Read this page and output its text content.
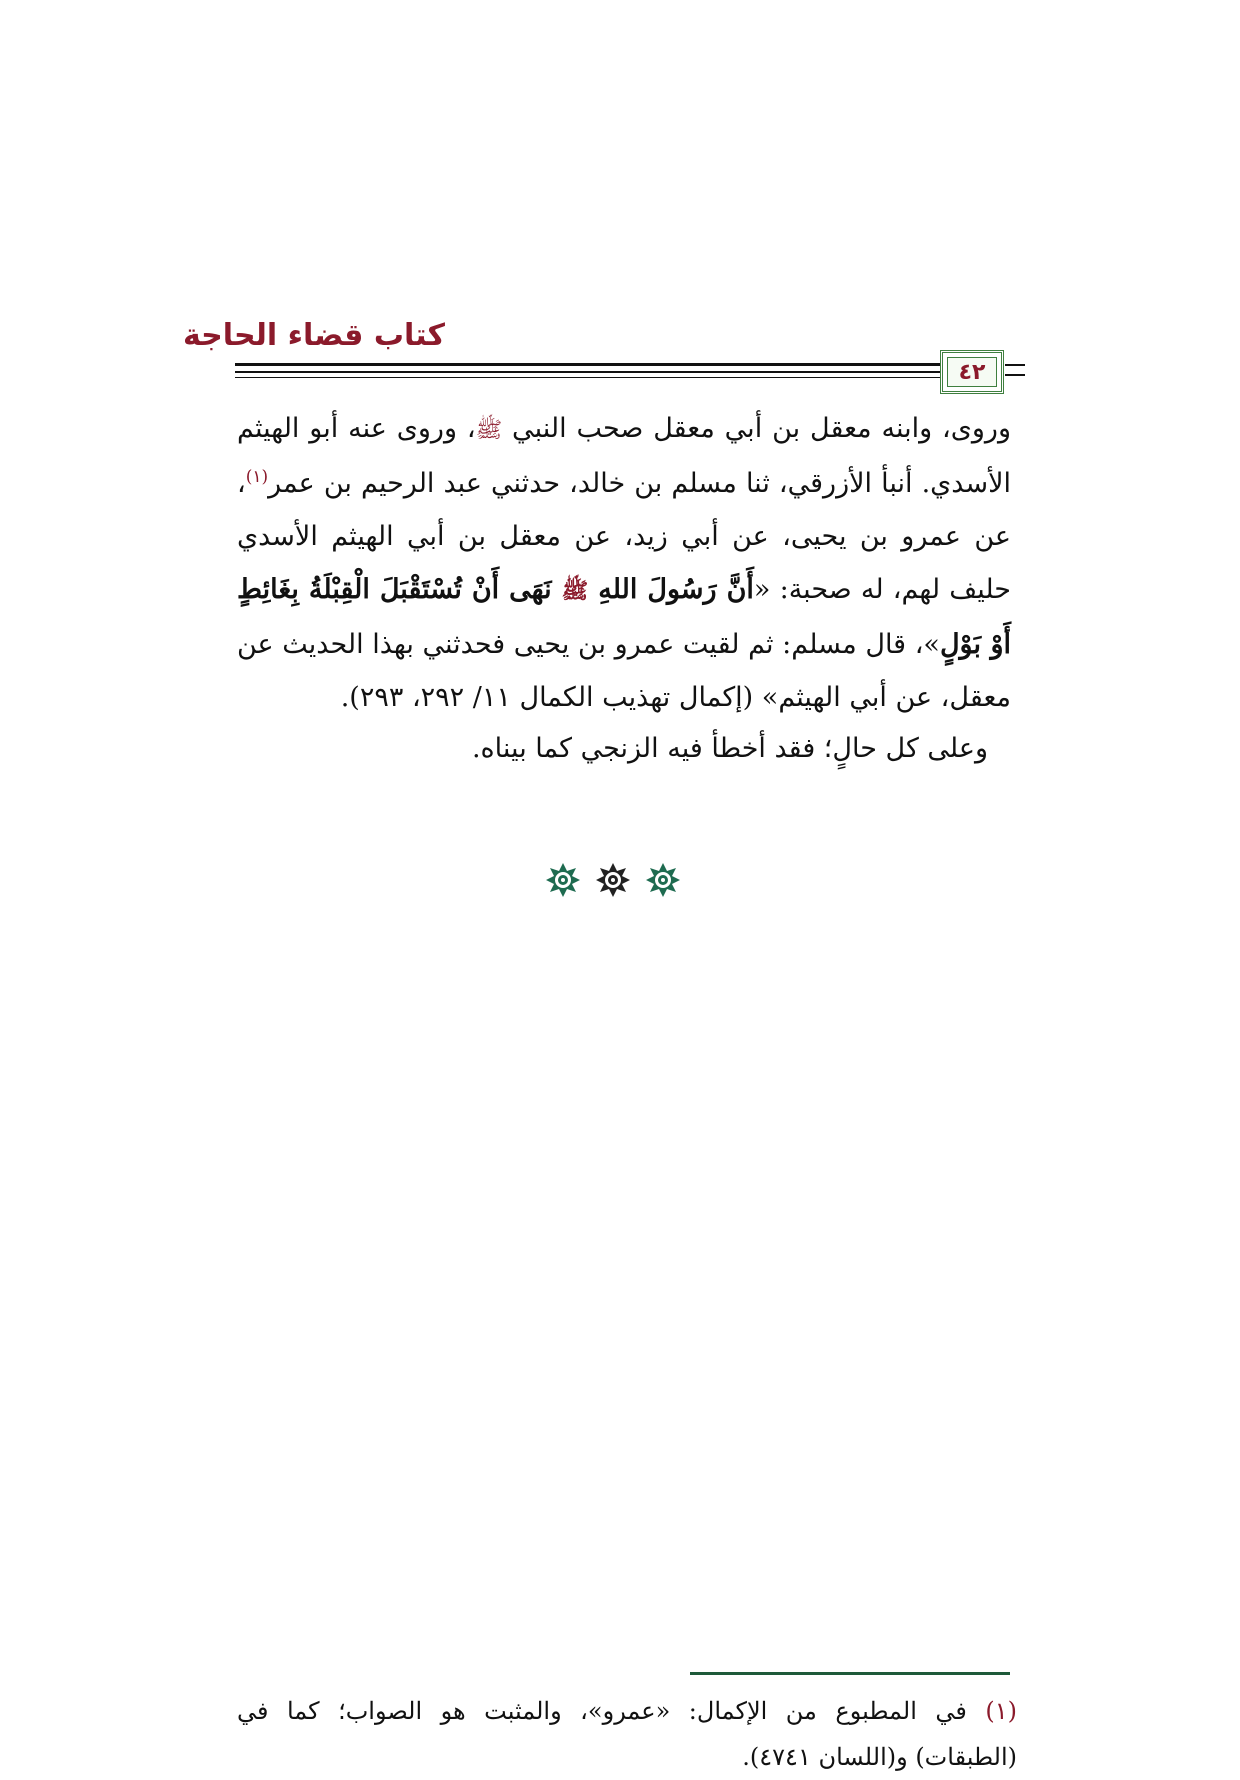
كتاب قضاء الحاجة
٤٢

وروى، وابنه معقل بن أبي معقل صحب النبي ﷺ، وروى عنه أبو الهيثم الأسدي. أنبأ الأزرقي، ثنا مسلم بن خالد، حدثني عبد الرحيم بن عمر$^{(١)}$، عن عمرو بن يحيى، عن أبي زيد، عن معقل بن أبي الهيثم الأسدي حليف لهم، له صحبة: «أَنَّ رَسُولَ اللهِ ﷺ نَهَى أَنْ تُسْتَقْبَلَ الْقِبْلَةُ بِغَائِطٍ أَوْ بَوْلٍ»، قال مسلم: ثم لقيت عمرو بن يحيى فحدثني بهذا الحديث عن معقل، عن أبي الهيثم» (إكمال تهذيب الكمال ١١/ ٢٩٢، ٢٩٣).

وعلى كل حالٍ؛ فقد أخطأ فيه الزنجي كما بيناه.
(١) في المطبوع من الإكمال: «عمرو»، والمثبت هو الصواب؛ كما في (الطبقات) و(اللسان ٤٧٤١).
